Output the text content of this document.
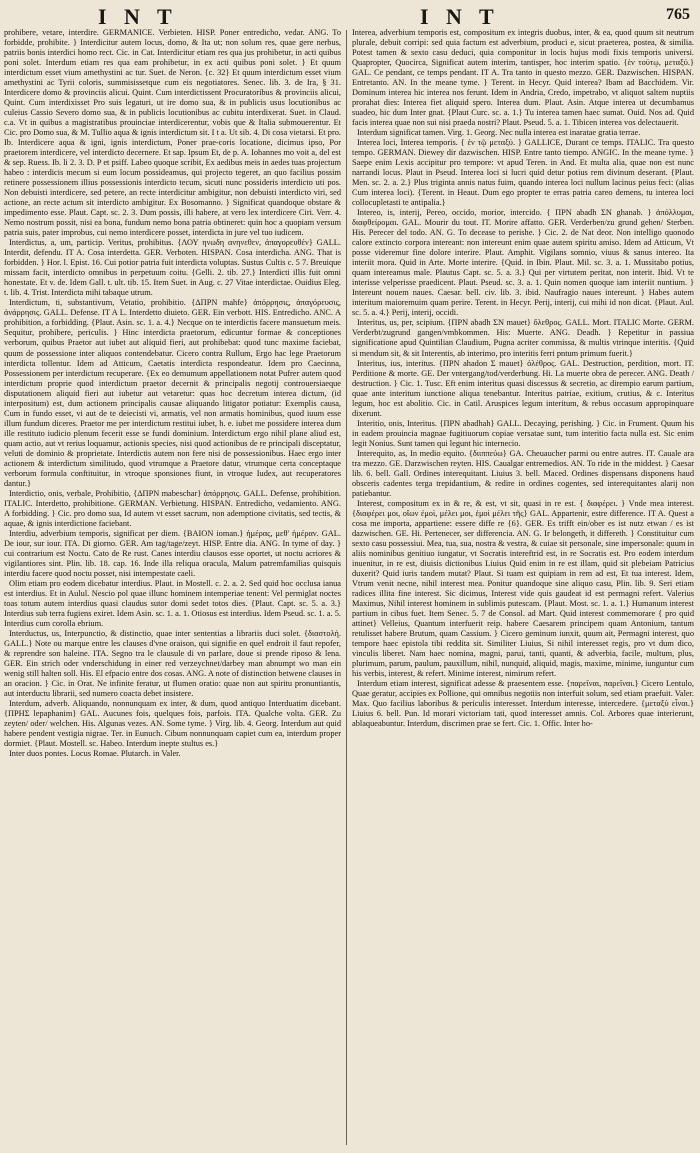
I N T	I N T	765

prohibere, vetare, interdire. GERMANICE. Verbieten. HISP. Poner entredicho, vedar. ANG. To forbidde, prohibite. } Interdicitur autem locus, domo, & Ita ut; non solum res, quae gere nerbus, patriis bonis interdici homo rect. Cic. in Cat. Interdicitur etiam res qua jus prohibetur, in acti quibus poni solet. Interdum etiam res qua eam prohibetur, in ex acti quibus poni solet. } Et quum interdictum esset vium amethystini ac tur. Suet. de Neron. {c. 32} Et quum interdictum esset vium amethystini ac Tyrii coloris, summisissetque cum eis negotiatores. Senec. lib. 3. de Ira, § 31. Interdicere domo & provinciis alicui. Quint. Cum interdictissent Procuratoribus & provinciis alicui, Quint. Cum interdixisset Pro suis legaturi, ut ire domo sua, & in publicis usus locutionibus ac culeius Cassio Severo domo sua, & in publicis locutionibus ac cubitu interdixerat. Suet. in Claud. c.a. Vt in quibus a magistratibus prouinciae interdicerentur, vobis que & Italia submouerentur. Et Cic. pro Domo sua, & M. Tullio aqua & ignis interdictum sit. I t a. Ut sib. 4. Di cosa vietarsi. Et pro. Ib. Interdicere aqua & igni, ignis interdictum, Poner prae-coris locatione, dicimus ipso, Por praetorem interdicere, vel interdicto decernere. Et sap. Ipsum Et, de p. A. Iohannes mo voit a, del est & sep. Ruess. Ib. li 2. 3. D. P et psiff. Labeo quoque scribit, Ex aedibus meis in aedes tuas projectum habeo : interdicis mecum si eum locum possideamus, qui projecto tegeret, an quo facilius possim retinere possessionem illius possessionis interdicto tecum, sicuti nunc possideris interdicto uti pos. Non debuisti interdicere, sed petere, an recte interdicitur ambigitur, non debuisti interdicto viri, sed actione, an recte actum sit interdicto ambigitur. Ex Bosomanno. } Significat quandoque obstare & impedimento esse. Plaut. Capt. sc. 2. 3. Dum possis, illi habere, at vero lex interdicere Ciri. Verr. 4. Nemo nostrum possit, nisi ea bona, fundum nemo bona patria obtineret: quin hoc a quopiam versum patria suis, pater improbus, cui nemo interdicere posset, interdicta in jure vel tuo iudicem.

Interdictus, a, um, particip. Veritus, prohibitus. {ΛΟΥ ηνωδη ανηνεθεν, ἀπαγορευθέν} GALL. Interdit, defendu. IT A. Cosa interdetta. GER. Verboten. HISPAN. Cosa interdicha. ANG. That is forbidden. } Hor. l. Epist. 16. Cui potior patria fuit interdicta voluptas. Sustus Cultis c. 5 7. Breuique missam facit, interdicto omnibus in perpetuum coitu. {Gelli. 2. tib. 27.} Interdicti illis fuit omni honestate. Et v. de. Idem Gall. t. ult. tib. 15. Item Suet. in Aug. c. 27 Vitae interdictae. Ouidius Eleg. t. lib. 4. Trist. Interdicta mihi tabaque utrum.

Interdictum, ti, substantivum, Vetatio, prohibitio. {ΔΠΡΝ mahfe} ἀπόρρησις, ἀπαγόρευσις, ἀνάρρησις. GALL. Defense. IT A L. Interdetto diuieto. GER. Ein verbott. HIS. Entredicho. ANC. A prohibition, a forbidding. {Plaut. Asin. sc. 1. a. 4.} Necque on te interdictis facere mansuetum meis. Sequitur, prohibere, periculis. } Hinc interdicta praetorum, edicuntur formae & conceptiones verborum, quibus Praetor aut iubet aut aliquid fieri, aut prohibebat: quod tunc maxime faciebat, quum de possessione inter aliquos contendebatur. Cicero contra Rullum, Ergo hac lege Praetorum interdicta tollentur. Idem ad Atticum, Caetatis interdicta respondeatur. Idem pro Caecinna, Possessionem per interdictum recuperare. {Ex eo demumum appellationem notat Pufrer autem quod interdictum proprie quod interdictum praetor decernit & principalis negotij controuersiaeque disputationem aliquid fieri aut iubetur aut vetaretur: quas hoc decretum interea dictum, (id interpositum) est, dum actionem principalis causae aliquando litigator potiatur: Exemplis causa, Cum in fundo esset, vi aut de te deiecisti vi, armatis, vel non armatis hominibus, quod iuum esse illum fundum diceres. Praetor me per interdictum restitui iubet, h. e. iubet me possidere interea dum ille restituto iudicio plenum fecerit esse se fundi dominium. Interdictum ergo nihil plane aliud est, quam actio, aut vt rerius loquamur, actionis species, nisi quod actionibus de re principali disceptatur, veluti de dominio & proprietate. Interdictis autem non fere nisi de possessionibus. Haec ergo inter actionem & interdictum similitudo, quod vtrumque a Praetore datur, vtrumque certa conceptaque verborum formula conftituitur, in vtroque sponsiones fiunt, in vtroque Iudex, aut recuperatores dantur.}

Interdictio, onis, verbale, Prohibitio, {ΔΠΡΝ mabeschar} ἀπόρρησις. GALL. Defense, prohibition. ITALIC. Interdetto, prohibitione. GERMAN. Verbietung. HISPAN. Entredicho, vedamiento. ANG. A forbidding. } Cic. pro domo sua, Id autem vt esset sacrum, non ademptione civitatis, sed tectis, & aquae, & ignis interdictione faciebant.

Interdiu, adverbium temporis, significat per diem. {ΒΑΙΟΝ ioman.} ἡμέρας, μεθ' ἡμέραν. GAL. De iour, sur iour. ITA. Di giorno. GER. Am tag/tage/zeyt. HISP. Entre dia. ANG. In tyme of day. } cui contrarium est Noctu. Cato de Re rust. Canes interdiu clausos esse oportet, ut noctu acriores & vigilantiores sint. Plin. lib. 18. cap. 16. Inde illa reliqua oracula, Malum patremfamilias quisquis interdiu facere quod noctu posset, nisi intempestate caeli.

Olim etiam pro eodem dicebatur interdius. Plaut. in Mostell. c. 2. a. 2. Sed quid hoc occlusa ianua est interdius. Et in Aulul. Nescio pol quae illunc hominem intemperiae tenent: Vel permiglat noctes toas totum autem interdius quasi claudus sutor domi sedet totos dies. {Plaut. Capt. sc. 5. a. 3.} Interdius sub terra fugiens exiret. Idem Asin. sc. 1. a. 1. Otiosus est interdius. Idem Pseud. sc. 1. a. 5. Interdius cum corolla ebrium.

Interductus, us, Interpunctio, & distinctio, quae inter sententias a librariis duci solet. {διαστολή. GALL.} Note ou marque entre les clauses d'vne oraison, qui signifie en quel endroit il faut repofer, & reprendre son haleine. ITA. Segno tra le clausule di vn parlare, doue si prende riposo & lena. GER. Ein strich oder vnderschidung in einer red verzeychnet/darbey man abnumpt wo man ein wenig still halten soll. His. El efpacio entre dos cosas. ANG. A note of distinction betwene clauses in an oracion. } Cic. in Orat. Ne infinite feratur, ut flumen oratio: quae non aut spiritu pronuntiantis, aut interductu librarii, sed numero coacta debet insistere.

Interdum, adverb. Aliquando, nonnunquam ex inter, & dum, quod antiquo Interduatim dicebant. {ΠΡΗΣ lepaphanim} GAL. Aucunes fois, quelques fois, parfois. ITA. Qualche volta. GER. Zu zeyten/ oder/ welchen. His. Algunas vezes. AN. Some tyme. } Virg. lib. 4. Georg. Interdum aut quid habere pendent vestigia nigrae. Ter. in Eunuch. Cibum nonnunquam capiet cum ea, interdum proper dormiet. {Plaut. Mostell. sc. Habeo. Interdum inepte stultus es.}

Inter duos pontes. Locus Romae. Plutarch. in Valer.

Interea, adverbium temporis est, compositum ex integris duobus, inter, & ea, quod quum sit neutrum plurale, debuit corripi: sed quia factum est adverbium, produci e, sicut praeterea, postea, & similia. Potest tamen & sexto casu deduci, quia componitur in locis hujus modi fixis temporis universi. Quapropter, Quocirca, Significat autem interim, tantisper, hoc interim spatio. {ἐν τούτῳ, μεταξύ.} GAL. Ce pendant, ce temps pendant. IT A. Tra tanto in questo mezzo. GER. Dazwischen. HISPAN. Entretanto. AN. In the meane tyme. } Terent. in Hecyr. Quid interea? Ibam ad Bacchidem. Vir. Dominum interea hic interea nos ferunt. Idem in Andria, Credo, impetrabo, vt aliquot saltem nuptiis prorahat dies: Interea fiet aliquid spero. Interea dum. Plaut. Asin. Atque interea ut decumbamus suadeo, hic dum Inter gnat. {Plaut Curc. sc. a. 1.} Tu interea tamen haec sumat. Ouid. Nos ad. Quid facis interea quae non sui nisi praeda nostri? Plaut. Pseud. 5. a. 1. Tibicen interea vos delectauerit.

Interdum significat tamen. Virg. 1. Georg. Nec nulla interea est inaratae gratia terrae.

Interea loci, Interea temporis. { ἐν τῷ μεταξύ. } GALLICE, Durant ce temps. ITALIC. Tra questo tempo. GERMAN. Diewey dir dazwischen. HISP. Entre tanto tiempo. ANGIC. In the meane tyme. } Saepe enim Lexis accipitur pro tempore: vt apud Teren. in And. Et multa alia, quae non est nunc narrandi locus. Plaut in Pseud. Interea loci si lucri quid detur potius rem divinum deserant. {Plaut. Men. sc. 2. a. 2.} Plus triginta annis natus fuim, quando interea loci nullum lacinus peius feci: (alias Cum interea loci). {Terent. in Heaut. Dum ego propter te erras patria careo demens, tu interea loci collocupletasti te antipalia.}

Intereo, is, interij, Pereo, occido, morior, intercido. { ΠΡΝ abadh ΣΝ ghanab. } ἀπόλλυμαι, διαφθείρομαι. GAL. Mourir du tout. IT. Morire affatto. GER. Verderben/zu grund gehen/ Sterben. His. Perecer del todo. AN. G. To decease to perishe. } Cic. 2. de Nat deor. Non intelligo quonodo calore extincto corpora intereant: non intereunt enim quae autem spiritu amiso. Idem ad Atticum, Vt posse videremur fine dolore interire. Plaut. Amphit. Vigilans somnio, viuus & sanus intereo. Ita interiit mora. Quid in Arte. Morte interire. {Quid. in Ibin. Plaut. Mil. sc. 3. a. 1. Mussitabo potius, quam intereamus male. Plautus Capt. sc. 5. a. 3.} Qui per virtutem peritat, non interit. Ibid. Vt te interisse velperisse praedicent. Plaut. Pseud. sc. 3. a. 1. Quin nomen quoque iam interiit nuntium. } Intereunt nouem naues. Caesar. bell. civ. lib. 3. ibid. Naufragio naues intereunt. } Habes autem interitum maioremuim quam perire. Terent. in Hecyr. Perij, interij, cui mihi id non dicat. {Plaut. Aul. sc. 5. a. 4.} Perij, interij, occidi.

Interitus, us, per, scipium. {ΠΡΝ abadh ΣΝ mauet} ὄλεθρος. GALL. Mort. ITALIC Morte. GERM. Verderbt/zugrund gangen/vmbkommen. His: Muerte. ANG. Deadh. } Repetitur in passiua significatione apud Quintilian Claudium, Pugna acriter commissa, & multis vtrinque interitis. {Quid si mendum sit, & sit Interentis, ab interimo, pro interitis ferri pntum primum fuerit.}

Interitus, ius, interitus. {ΠΡΝ ahadon Σ mauet} ὀλέθρος. GAL. Destruction, perdition, mort. IT. Perditione & morte. GE. Der vntergang/tod/verderbung. Hi. La muerte obra de perecer. ANG. Death / destruction. } Cic. 1. Tusc. Eft enim interitus quasi discessus & secretio, ac dirempio earum partium, quae ante interitum iunctione aliqua tenebantur. Interitus patriae, exitium, crutius, & c. Interitus legum, hoc est abolitio. Cic. in Catil. Aruspices legum interitum, & rebus occasum appropinquare dixerunt.

Interitio, onis, Interitus. {ΠΡΝ abadhah} GALL. Decaying, perishing. } Cic. in Frument. Quum his in eadem prouincia magnae fugitiuorum copiae versatae sunt, tum interitio facta nulla est. Sic enim legit Nonius. Sunt tamen qui legunt hic internecio.

Interequito, as, In medio equito. {διιππεύω} GA. Cheuaucher parmi ou entre autres. IT. Cauale ara tra mezzo. GE. Darzwischen reyten. HIS. Caualgar entremedios. AN. To ride in the middest. } Caesar lib. 6. bell. Gall. Ordines interequitant. Liuius 3. bell. Maced. Ordines dispensans disponens haud obsceris cadentes terga trepidantium, & redire in ordines cogentes, sed interequitantes alarij non patiebantur.

Interest, compositum ex in & re, & est, vt sit, quasi in re est. { διαφέρει. } Vnde mea interest. {διαφέρει μοι, οἴων ἐμοὶ, μέλει μοι, ἐμοὶ μέλει τῆς} GAL. Appartenir, estre difference. IT A. Quest a cosa me importa, appartiene: essere diffe re {6}. GER. Es trifft ein/ober es ist nutz etwan / es ist dazwischen. GE. Hi. Pertenecer, ser differencia. AN. G. Ir belongeth, it differeth. } Constituitur cum sexto casu possessiui. Mea, tua, sua, nostra & vestra, & cuiae sit personale, sine impersonale: quum in aliis nominibus genitiuo iungatur, vt Socratis intereftrid est, in re Socratis est. Pro eodem interdum inuenitur, in re est, diuisis dictionibus Liuius Quid enim in re est illam, quid sit plebeiam Patricius duxerit? Quid iuris tandem mutat? Plaut. Si tuam est quipiam in rem ad est, Et tua interest. Idem, Vtrum venit necne, nihil interest mea. Ponitur quandoque sine aliquo casu, Plin. lib. 9. Seri etiam radices illita fine interest. Sic dicimus, Interest vide quis gaudeat id est permagni refert. Valerius Maximus, Nihil interest hominem in sublimis putescam. {Plaut. Most. sc. 1. a. 1.} Humanum interest partium in cibus fuet. Item Senec. 5. 7 de Consol. ad Mart. Quid interest commemorare { pro quid attinet} Velleius, Quantum interfuerit reip. habere Caesarem principem quam Antonium, tantum retulisset habere Brutum, quam Cassium. } Cicero geminum iunxit, quum ait, Permagni interest, quo tempore haec epistola tibi reddita sit. Similiter Liuius, Si nihil interesset regis, pro vt dum dico, vinculis liberet. Nam haec nomina, magni, parui, tanti, quanti, & adverbia, facile, multum, plus, plurimum, parum, paulum, pauxillum, nihil, nunquid, aliquid, magis, maxime, minime, iunguntur cum his verbis, interest, & refert. Minime interest, nimirum refert.

Interdum etiam interest, significat adesse & praesentem esse. {παρεῖναι, παρεῖναι.} Cicero Lentulo, Quae geratur, accipies ex Pollione, qui omnibus negotiis non interfuit solum, sed etiam praefuit. Valer. Max. Quo facilius laboribus & periculis interesset. Interdum interesse, intercedere. {μεταξὺ εἶναι.} Liuius 6. bell. Pun. Id morari victoriam tati, quod interesset amnis. Col. Arbores quae interierunt, ablaqueabuntur. Interdum, discrimen prae se fert. Cic. 1. Offic. Inter ho-
